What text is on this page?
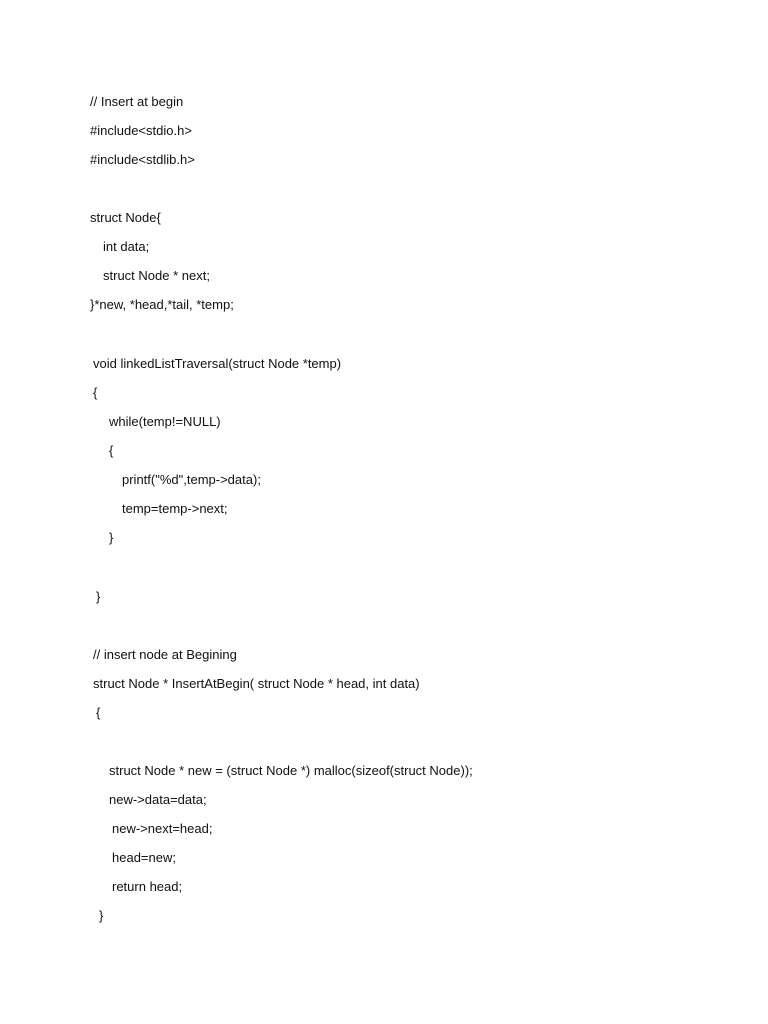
// Insert at begin

#include<stdio.h>

#include<stdlib.h>

struct Node{

int data;

struct Node * next;

}*new, *head,*tail, *temp;

void linkedListTraversal(struct Node *temp)

{

while(temp!=NULL)

{

printf("%d",temp->data);

temp=temp->next;

}

}

// insert node at Begining

struct Node * InsertAtBegin( struct Node * head, int data)

{

struct Node * new = (struct Node *) malloc(sizeof(struct Node));

new->data=data;

new->next=head;

head=new;

return head;

}
